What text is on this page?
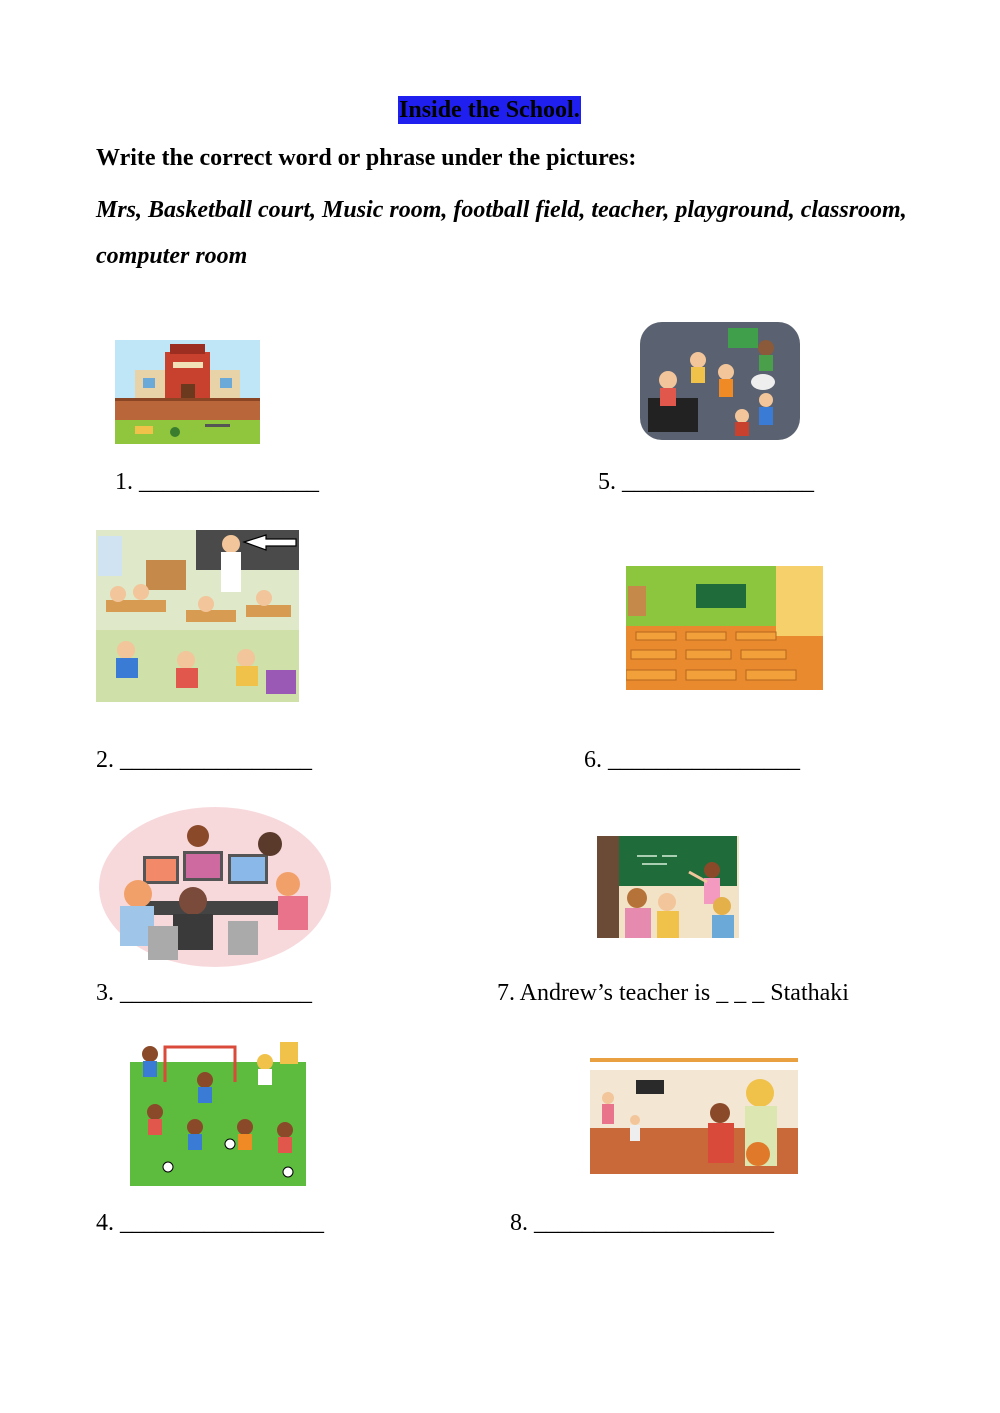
Inside the School.
Write the correct word or phrase under the pictures:
Mrs, Basketball court, Music room, football field, teacher, playground, classroom, computer room
1. _______________	5. ________________
2. ________________	6. ________________
3. ________________	7. Andrew’s teacher is _ _ _ Stathaki
4. _________________	8. ____________________
